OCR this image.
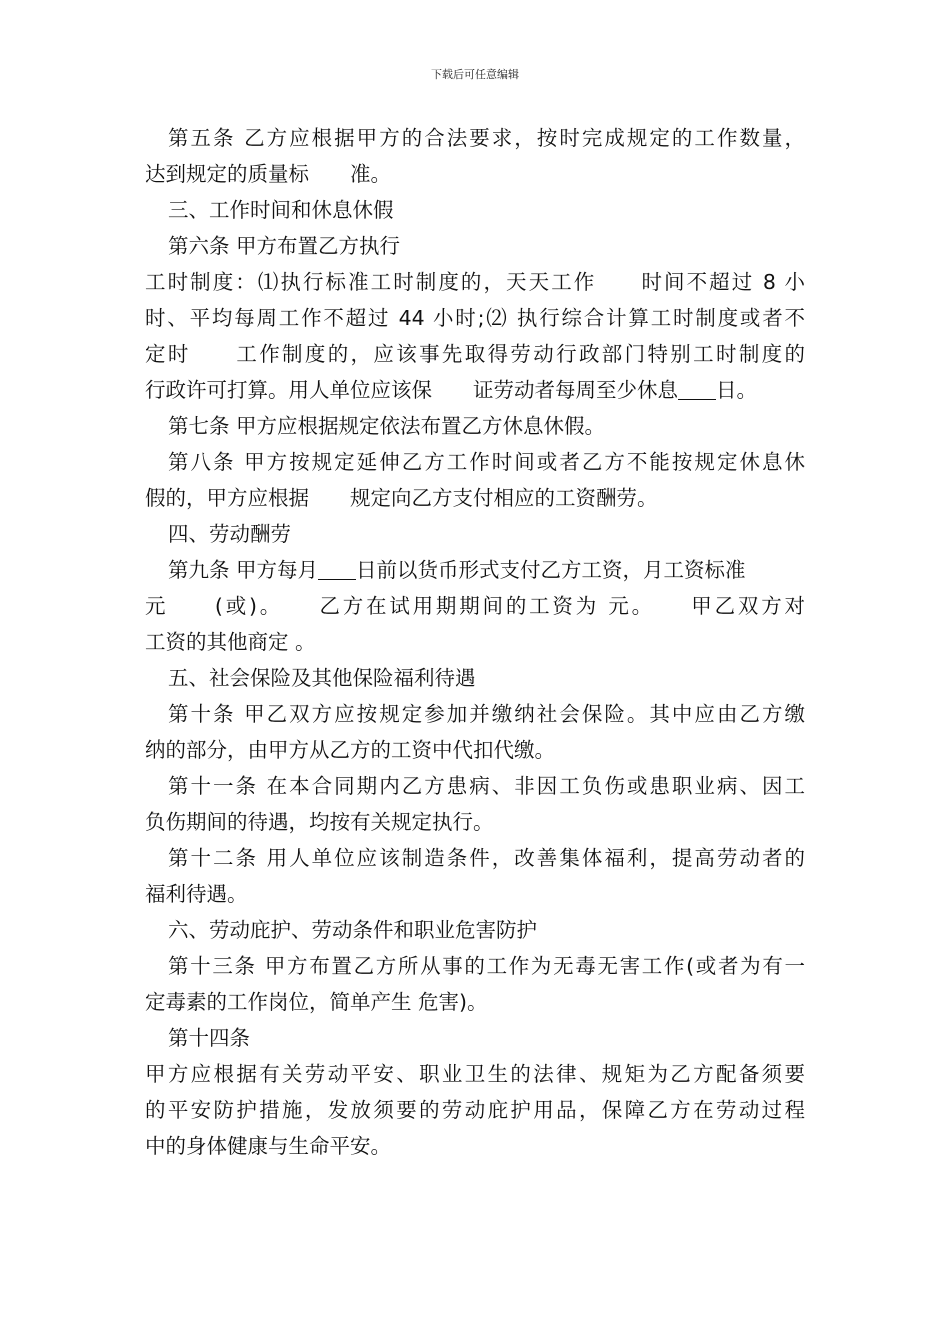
下载后可任意编辑
第五条 乙方应根据甲方的合法要求，按时完成规定的工作数量，
达到规定的质量标　　准。
三、工作时间和休息休假
第六条 甲方布置乙方执行
工时制度：⑴执行标准工时制度的，天天工作　　时间不超过 8 小
时、平均每周工作不超过 44 小时;⑵ 执行综合计算工时制度或者不
定时　　工作制度的，应该事先取得劳动行政部门特别工时制度的
行政许可打算。用人单位应该保　　证劳动者每周至少休息 日。
第七条 甲方应根据规定依法布置乙方休息休假。
第八条 甲方按规定延伸乙方工作时间或者乙方不能按规定休息休
假的，甲方应根据　　规定向乙方支付相应的工资酬劳。
四、劳动酬劳
第九条 甲方每月 日前以货币形式支付乙方工资，月工资标准
元　　(或)。　　乙方在试用期期间的工资为 元。　　甲乙双方对
工资的其他商定 。
五、社会保险及其他保险福利待遇
第十条 甲乙双方应按规定参加并缴纳社会保险。其中应由乙方缴
纳的部分，由甲方从乙方的工资中代扣代缴。
第十一条 在本合同期内乙方患病、非因工负伤或患职业病、因工
负伤期间的待遇，均按有关规定执行。
第十二条 用人单位应该制造条件，改善集体福利，提高劳动者的
福利待遇。
六、劳动庇护、劳动条件和职业危害防护
第十三条 甲方布置乙方所从事的工作为无毒无害工作(或者为有一
定毒素的工作岗位，简单产生 危害)。
第十四条
甲方应根据有关劳动平安、职业卫生的法律、规矩为乙方配备须要
的平安防护措施，发放须要的劳动庇护用品，保障乙方在劳动过程
中的身体健康与生命平安。
